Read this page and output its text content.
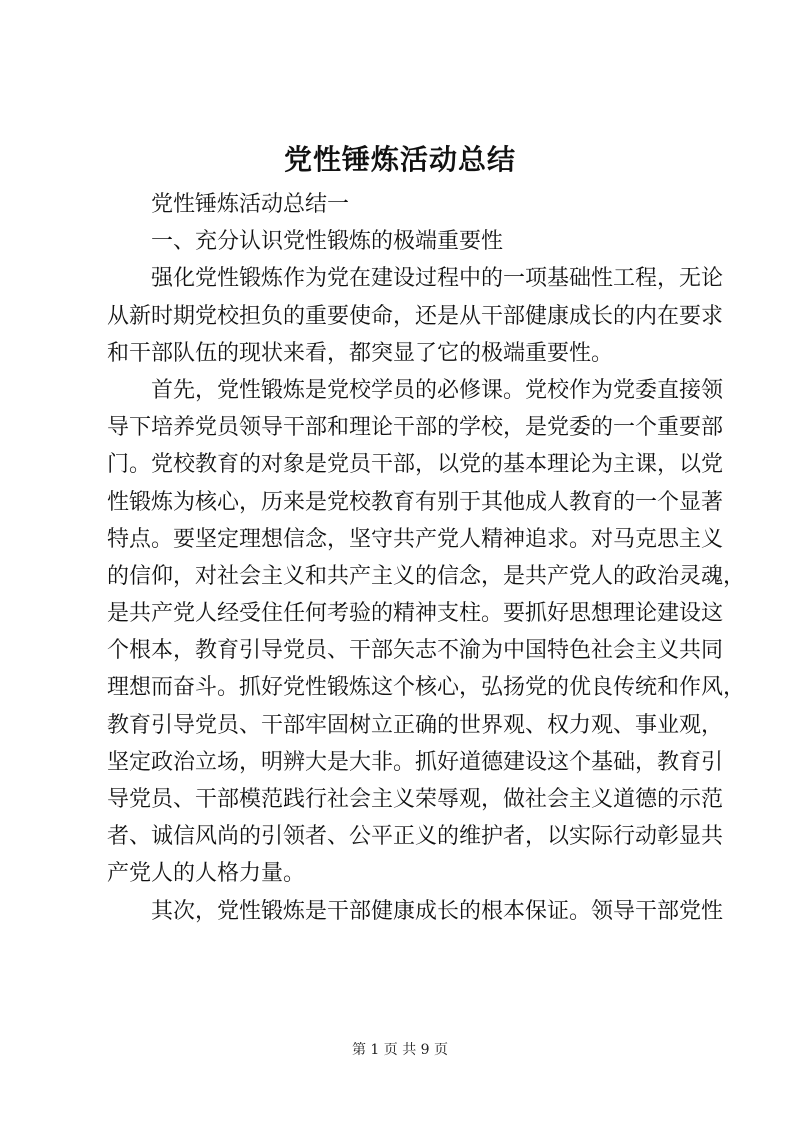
党性锤炼活动总结
党性锤炼活动总结一
一、充分认识党性锻炼的极端重要性
强化党性锻炼作为党在建设过程中的一项基础性工程，无论
从新时期党校担负的重要使命，还是从干部健康成长的内在要求
和干部队伍的现状来看，都突显了它的极端重要性。
首先，党性锻炼是党校学员的必修课。党校作为党委直接领
导下培养党员领导干部和理论干部的学校，是党委的一个重要部
门。党校教育的对象是党员干部，以党的基本理论为主课，以党
性锻炼为核心，历来是党校教育有别于其他成人教育的一个显著
特点。要坚定理想信念，坚守共产党人精神追求。对马克思主义
的信仰，对社会主义和共产主义的信念，是共产党人的政治灵魂，
是共产党人经受住任何考验的精神支柱。要抓好思想理论建设这
个根本，教育引导党员、干部矢志不渝为中国特色社会主义共同
理想而奋斗。抓好党性锻炼这个核心，弘扬党的优良传统和作风，
教育引导党员、干部牢固树立正确的世界观、权力观、事业观，
坚定政治立场，明辨大是大非。抓好道德建设这个基础，教育引
导党员、干部模范践行社会主义荣辱观，做社会主义道德的示范
者、诚信风尚的引领者、公平正义的维护者，以实际行动彰显共
产党人的人格力量。
其次，党性锻炼是干部健康成长的根本保证。领导干部党性
第 1 页 共 9 页
